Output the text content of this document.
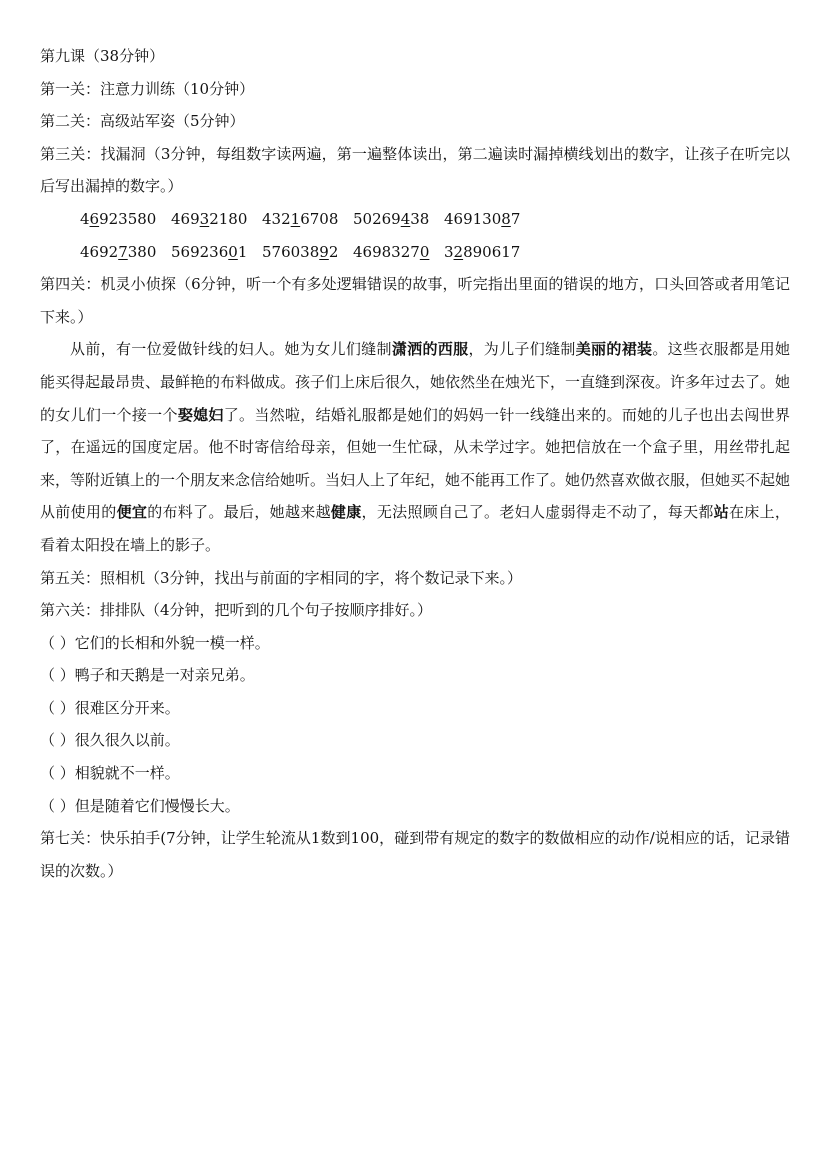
第九课（38分钟）
第一关：注意力训练（10分钟）
第二关：高级站军姿（5分钟）
第三关：找漏洞（3分钟，每组数字读两遍，第一遍整体读出，第二遍读时漏掉横线划出的数字，让孩子在听完以后写出漏掉的数字。）
46923580 46932180 43216708 50269438 46913087
46927380 56923601 57603892 46983270 32890617
第四关：机灵小侦探（6分钟，听一个有多处逻辑错误的故事，听完指出里面的错误的地方，口头回答或者用笔记下来。）
从前，有一位爱做针线的妇人。她为女儿们缝制潇洒的西服，为儿子们缝制美丽的裙装。这些衣服都是用她能买得起最昂贵、最鲜艳的布料做成。孩子们上床后很久，她依然坐在烛光下，一直缝到深夜。许多年过去了。她的女儿们一个接一个娶媳妇了。当然啦，结婚礼服都是她们的妈妈一针一线缝出来的。而她的儿子也出去闯世界了，在遥远的国度定居。他不时寄信给母亲，但她一生忙碌，从未学过字。她把信放在一个盒子里，用丝带扎起来，等附近镇上的一个朋友来念信给她听。当妇人上了年纪，她不能再工作了。她仍然喜欢做衣服，但她买不起她从前使用的便宜的布料了。最后，她越来越健康，无法照顾自己了。老妇人虚弱得走不动了，每天都站在床上，看着太阳投在墙上的影子。
第五关：照相机（3分钟，找出与前面的字相同的字，将个数记录下来。）
第六关：排排队（4分钟，把听到的几个句子按顺序排好。）
（ ）它们的长相和外貌一模一样。
（ ）鸭子和天鹅是一对亲兄弟。
（ ）很难区分开来。
（ ）很久很久以前。
（ ）相貌就不一样。
（ ）但是随着它们慢慢长大。
第七关：快乐拍手(7分钟，让学生轮流从1数到100，碰到带有规定的数字的数做相应的动作/说相应的话，记录错误的次数。）
